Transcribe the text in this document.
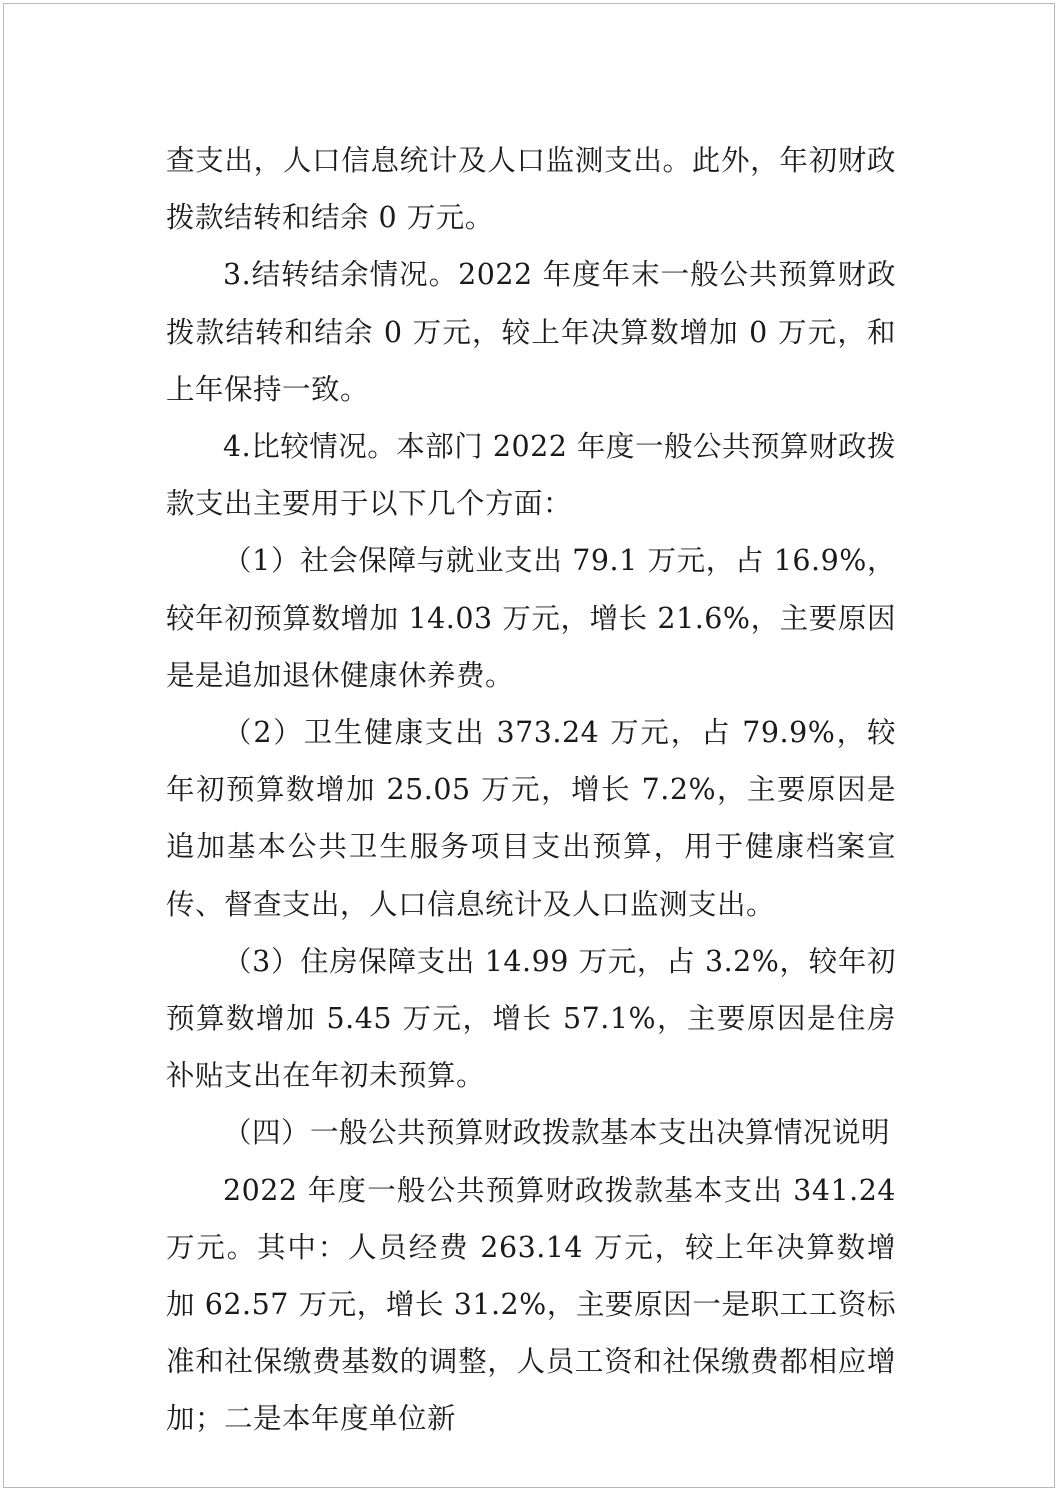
查支出，人口信息统计及人口监测支出。此外，年初财政拨款结转和结余 0 万元。

3.结转结余情况。2022 年度年末一般公共预算财政拨款结转和结余 0 万元，较上年决算数增加 0 万元，和上年保持一致。

4.比较情况。本部门 2022 年度一般公共预算财政拨款支出主要用于以下几个方面：

（1）社会保障与就业支出 79.1 万元，占 16.9%，较年初预算数增加 14.03 万元，增长 21.6%，主要原因是是追加退休健康休养费。

（2）卫生健康支出 373.24 万元，占 79.9%，较年初预算数增加 25.05 万元，增长 7.2%，主要原因是追加基本公共卫生服务项目支出预算，用于健康档案宣传、督查支出，人口信息统计及人口监测支出。

（3）住房保障支出 14.99 万元，占 3.2%，较年初预算数增加 5.45 万元，增长 57.1%，主要原因是住房补贴支出在年初未预算。

（四）一般公共预算财政拨款基本支出决算情况说明

2022 年度一般公共预算财政拨款基本支出 341.24 万元。其中：人员经费 263.14 万元，较上年决算数增加 62.57 万元，增长 31.2%，主要原因一是职工工资标准和社保缴费基数的调整，人员工资和社保缴费都相应增加；二是本年度单位新
